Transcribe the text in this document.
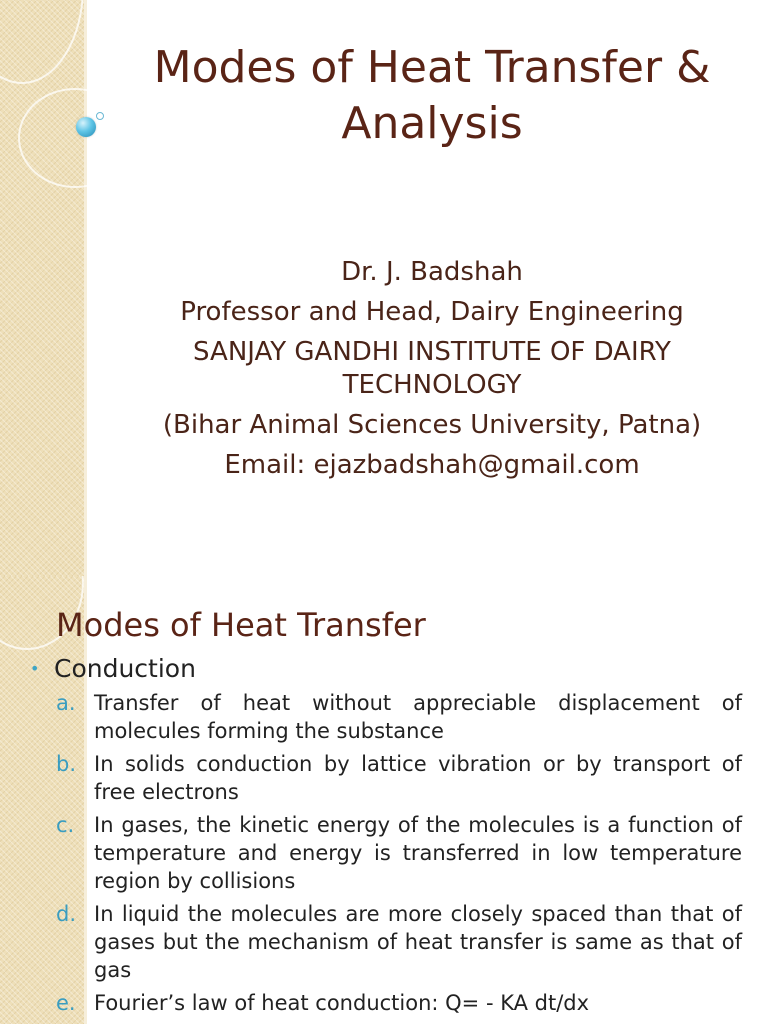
Modes of Heat Transfer & Analysis
Dr. J. Badshah
Professor and Head, Dairy Engineering
SANJAY GANDHI INSTITUTE OF DAIRY TECHNOLOGY
(Bihar Animal Sciences University, Patna)
Email: ejazbadshah@gmail.com
Modes of Heat Transfer
• Conduction
a. Transfer of heat without appreciable displacement of molecules forming the substance
b. In solids conduction by lattice vibration or by transport of free electrons
c. In gases, the kinetic energy of the molecules is a function of temperature and energy is transferred in low temperature region by collisions
d. In liquid the molecules are more closely spaced than that of gases but the mechanism of heat transfer is same as that of gas
e. Fourier’s law of heat conduction: Q= - KA dt/dx
